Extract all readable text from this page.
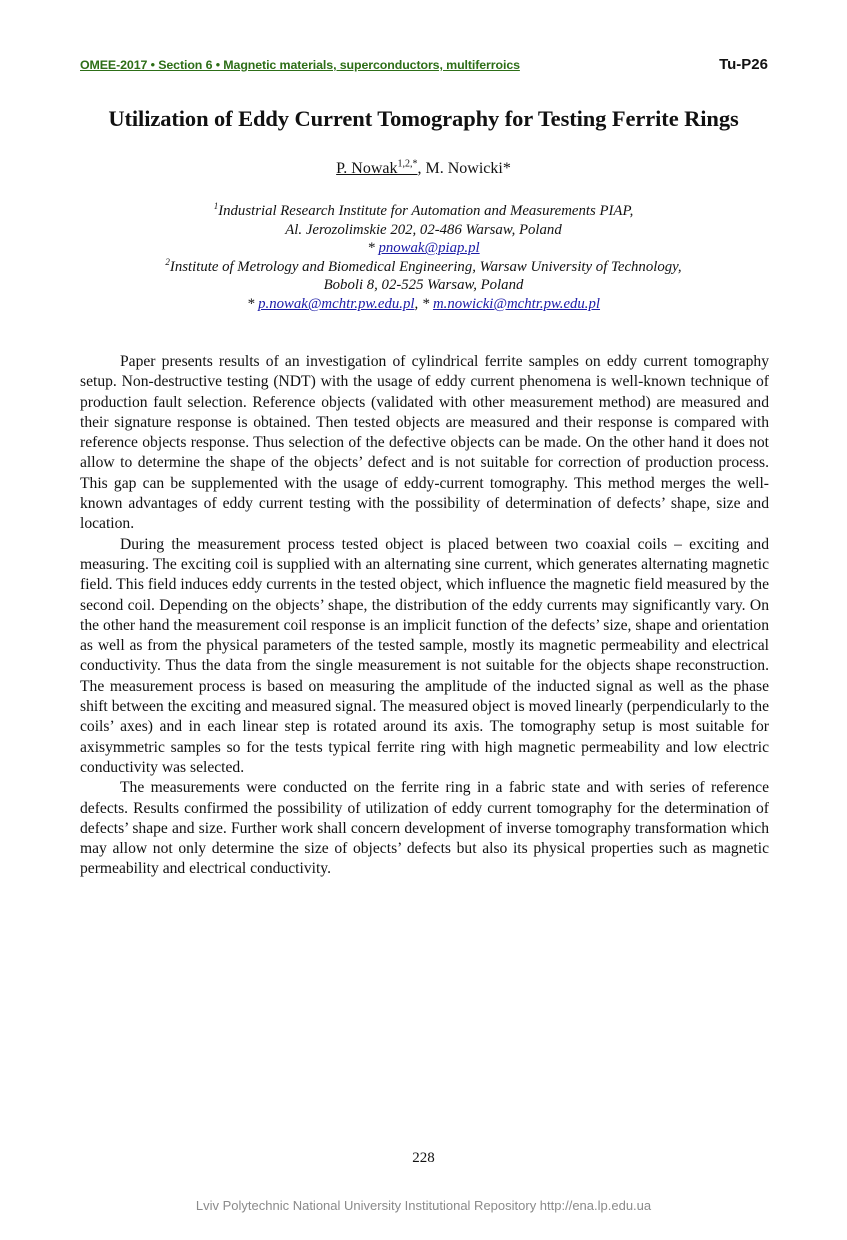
OMEE-2017 • Section 6 • Magnetic materials, superconductors, multiferroics	Tu-P26
Utilization of Eddy Current Tomography for Testing Ferrite Rings
P. Nowak$^{1,2,*}$, M. Nowicki*
$^1$Industrial Research Institute for Automation and Measurements PIAP,
Al. Jerozolimskie 202, 02-486 Warsaw, Poland
* pnowak@piap.pl
$^2$Institute of Metrology and Biomedical Engineering, Warsaw University of Technology,
Boboli 8, 02-525 Warsaw, Poland
* p.nowak@mchtr.pw.edu.pl, * m.nowicki@mchtr.pw.edu.pl

Paper presents results of an investigation of cylindrical ferrite samples on eddy current tomography setup. Non-destructive testing (NDT) with the usage of eddy current phenomena is well-known technique of production fault selection. Reference objects (validated with other measurement method) are measured and their signature response is obtained. Then tested objects are measured and their response is compared with reference objects response. Thus selection of the defective objects can be made. On the other hand it does not allow to determine the shape of the objects’ defect and is not suitable for correction of production process. This gap can be supplemented with the usage of eddy-current tomography. This method merges the well-known advantages of eddy current testing with the possibility of determination of defects’ shape, size and location.

During the measurement process tested object is placed between two coaxial coils – exciting and measuring. The exciting coil is supplied with an alternating sine current, which generates alternating magnetic field. This field induces eddy currents in the tested object, which influence the magnetic field measured by the second coil. Depending on the objects’ shape, the distribution of the eddy currents may significantly vary. On the other hand the measurement coil response is an implicit function of the defects’ size, shape and orientation as well as from the physical parameters of the tested sample, mostly its magnetic permeability and electrical conductivity. Thus the data from the single measurement is not suitable for the objects shape reconstruction. The measurement process is based on measuring the amplitude of the inducted signal as well as the phase shift between the exciting and measured signal. The measured object is moved linearly (perpendicularly to the coils’ axes) and in each linear step is rotated around its axis. The tomography setup is most suitable for axisymmetric samples so for the tests typical ferrite ring with high magnetic permeability and low electric conductivity was selected.

The measurements were conducted on the ferrite ring in a fabric state and with series of reference defects. Results confirmed the possibility of utilization of eddy current tomography for the determination of defects’ shape and size. Further work shall concern development of inverse tomography transformation which may allow not only determine the size of objects’ defects but also its physical properties such as magnetic permeability and electrical conductivity.

228
Lviv Polytechnic National University Institutional Repository http://ena.lp.edu.ua
